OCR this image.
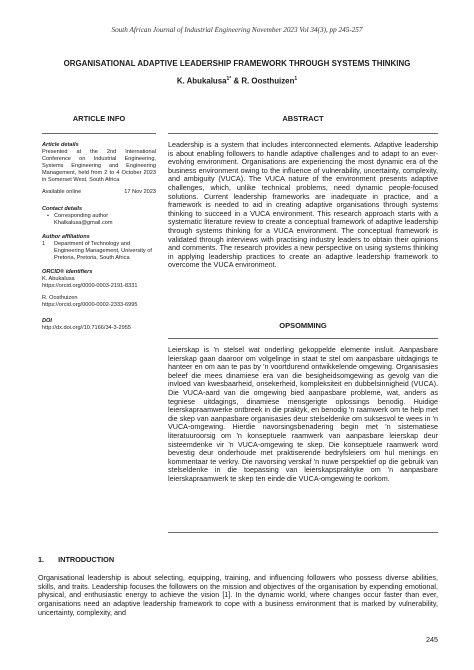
South African Journal of Industrial Engineering November 2023 Vol 34(3), pp 245-257
ORGANISATIONAL ADAPTIVE LEADERSHIP FRAMEWORK THROUGH SYSTEMS THINKING
K. Abukalusa$^{1*}$ & R. Oosthuizen$^1$
ARTICLE INFO	ABSTRACT
Article details
Presented at the 2nd International Conference on Industrial Engineering, Systems Engineering and Engineering Management, held from 2 to 4 October 2023 in Somerset West, South Africa
Available online	17 Nov 2023
Contact details
• Corresponding author
Khalkalusa@gmail.com
Author affiliations
1	Department of Technology and Engineering Management, University of Pretoria, Pretoria, South Africa
ORCID® identifiers
K. Abukalusa
https://orcid.org/0000-0003-2191-8331
R. Oosthuizen
https://orcid.org/0000-0002-2333-6995
DOI
http://dx.doi.org//10.7166/34-3-2955
Leadership is a system that includes interconnected elements. Adaptive leadership is about enabling followers to handle adaptive challenges and to adapt to an ever-evolving environment. Organisations are experiencing the most dynamic era of the business environment owing to the influence of vulnerability, uncertainty, complexity, and ambiguity (VUCA). The VUCA nature of the environment presents adaptive challenges, which, unlike technical problems, need dynamic people-focused solutions. Current leadership frameworks are inadequate in practice, and a framework is needed to aid in creating adaptive organisations through systems thinking to succeed in a VUCA environment. This research approach starts with a systematic literature review to create a conceptual framework of adaptive leadership through systems thinking for a VUCA environment. The conceptual framework is validated through interviews with practising industry leaders to obtain their opinions and comments. The research provides a new perspective on using systems thinking in applying leadership practices to create an adaptive leadership framework to overcome the VUCA environment.
OPSOMMING
Leierskap is 'n stelsel wat onderling gekoppelde elemente insluit. Aanpasbare leierskap gaan daaroor om volgelinge in staat te stel om aanpasbare uitdagings te hanteer en om aan te pas by 'n voortdurend ontwikkelende omgewing. Organisasies beleef die mees dinamiese era van die besigheidsomgewing as gevolg van die invloed van kwesbaarheid, onsekerheid, kompleksiteit en dubbelsinnigheid (VUCA). Die VUCA-aard van die omgewing bied aanpasbare probleme, wat, anders as tegniese uitdagings, dinamiese mensgerigte oplossings benodig. Huidige leierskapraamwerke ontbreek in die praktyk, en benodig 'n raamwerk om te help met die skep van aanpasbare organisasies deur stelseldenke om suksesvol te wees in 'n VUCA-omgewing. Hierdie navorsingsbenadering begin met 'n sistematiese literatuuroorsig om 'n konseptuele raamwerk van aanpasbare leierskap deur sisteemdenke vir 'n VUCA-omgewing te skep. Die konseptuele raamwerk word bevestig deur onderhoude met praktiserende bedryfsleiers om hul menings en kommentaar te verkry. Die navorsing verskaf 'n nuwe perspektief op die gebruik van stelseldenke in die toepassing van leierskapspraktyke om 'n aanpasbare leierskapraamwerk te skep ten einde die VUCA-omgewing te oorkom.
1. INTRODUCTION
Organisational leadership is about selecting, equipping, training, and influencing followers who possess diverse abilities, skills, and traits. Leadership focuses the followers on the mission and objectives of the organisation by expending emotional, physical, and enthusiastic energy to achieve the vision [1]. In the dynamic world, where changes occur faster than ever, organisations need an adaptive leadership framework to cope with a business environment that is marked by vulnerability, uncertainty, complexity, and
245
